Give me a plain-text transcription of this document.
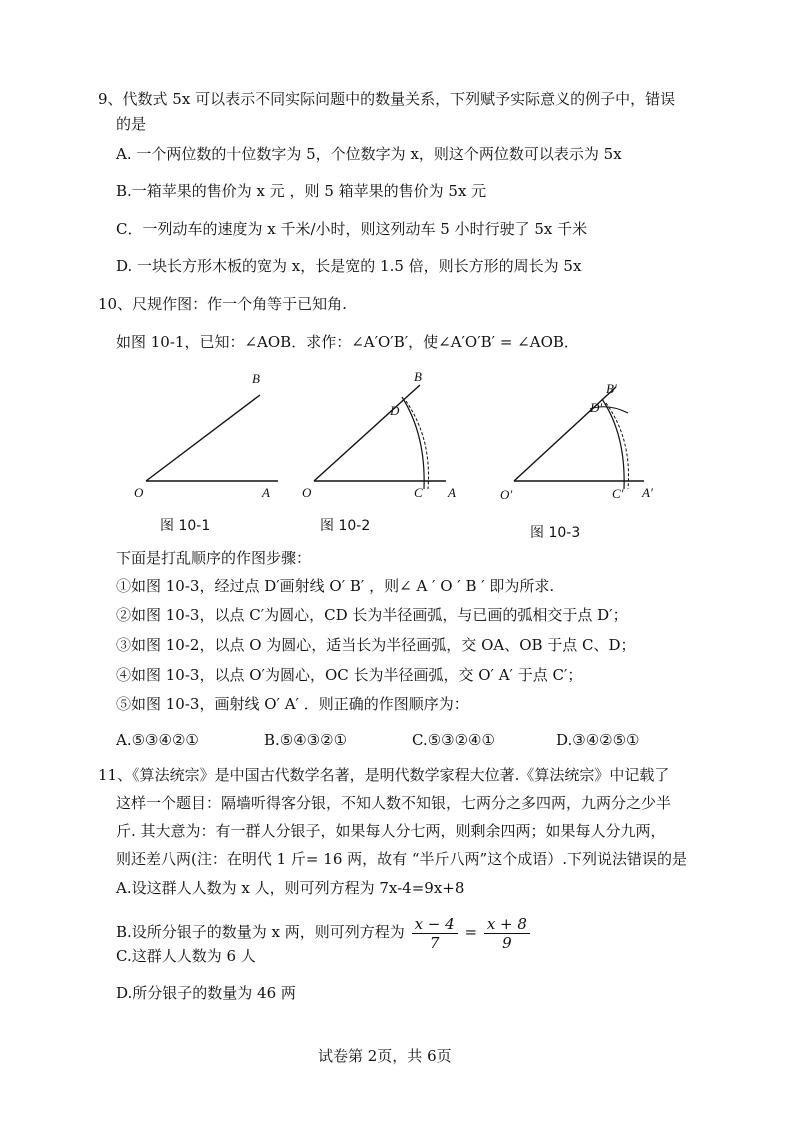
9、代数式 5x 可以表示不同实际问题中的数量关系，下列赋予实际意义的例子中，错误
的是
A. 一个两位数的十位数字为 5，个位数字为 x，则这个两位数可以表示为 5x
B.一箱苹果的售价为 x 元 ，则 5 箱苹果的售价为 5x 元
C．一列动车的速度为 x 千米/小时，则这列动车 5 小时行驶了 5x 千米
D. 一块长方形木板的宽为 x，长是宽的 1.5 倍，则长方形的周长为 5x
10、尺规作图：作一个角等于已知角.
如图 10-1，已知：∠AOB．求作：∠A′O′B′，使∠A′O′B′ = ∠AOB．
O	A
B
图 10-1
O	A
B
D
C
图 10-2
O′	A′
B′
D′
C′
图 10-3
下面是打乱顺序的作图步骤：
①如图 10-3，经过点 D′画射线 O′ B′ ，则∠ A ′ O ′ B ′ 即为所求.
②如图 10-3，以点 C′为圆心，CD 长为半径画弧，与已画的弧相交于点 D′；
③如图 10-2，以点 O 为圆心，适当长为半径画弧，交 OA、OB 于点 C、D；
④如图 10-3，以点 O′为圆心，OC 长为半径画弧，交 O′ A′ 于点 C′；
⑤如图 10-3，画射线 O′ A′ ．则正确的作图顺序为：
A.⑤③④②①	B.⑤④③②①	C.⑤③②④①	D.③④②⑤①
11、《算法统宗》是中国古代数学名著，是明代数学家程大位著.《算法统宗》中记载了
这样一个题目：隔墙听得客分银，不知人数不知银，七两分之多四两，九两分之少半
斤. 其大意为：有一群人分银子，如果每人分七两，则剩余四两；如果每人分九两，
则还差八两(注：在明代 1 斤= 16 两，故有 “半斤八两”这个成语）.下列说法错误的是
A.设这群人人数为 x 人，则可列方程为 7x-4=9x+8
B.设所分银子的数量为 x 两，则可列方程为 $\frac{x - 4}{7} = \frac{x + 8}{9}$
C.这群人人数为 6 人
D.所分银子的数量为 46 两
试卷第 2页，共 6页
